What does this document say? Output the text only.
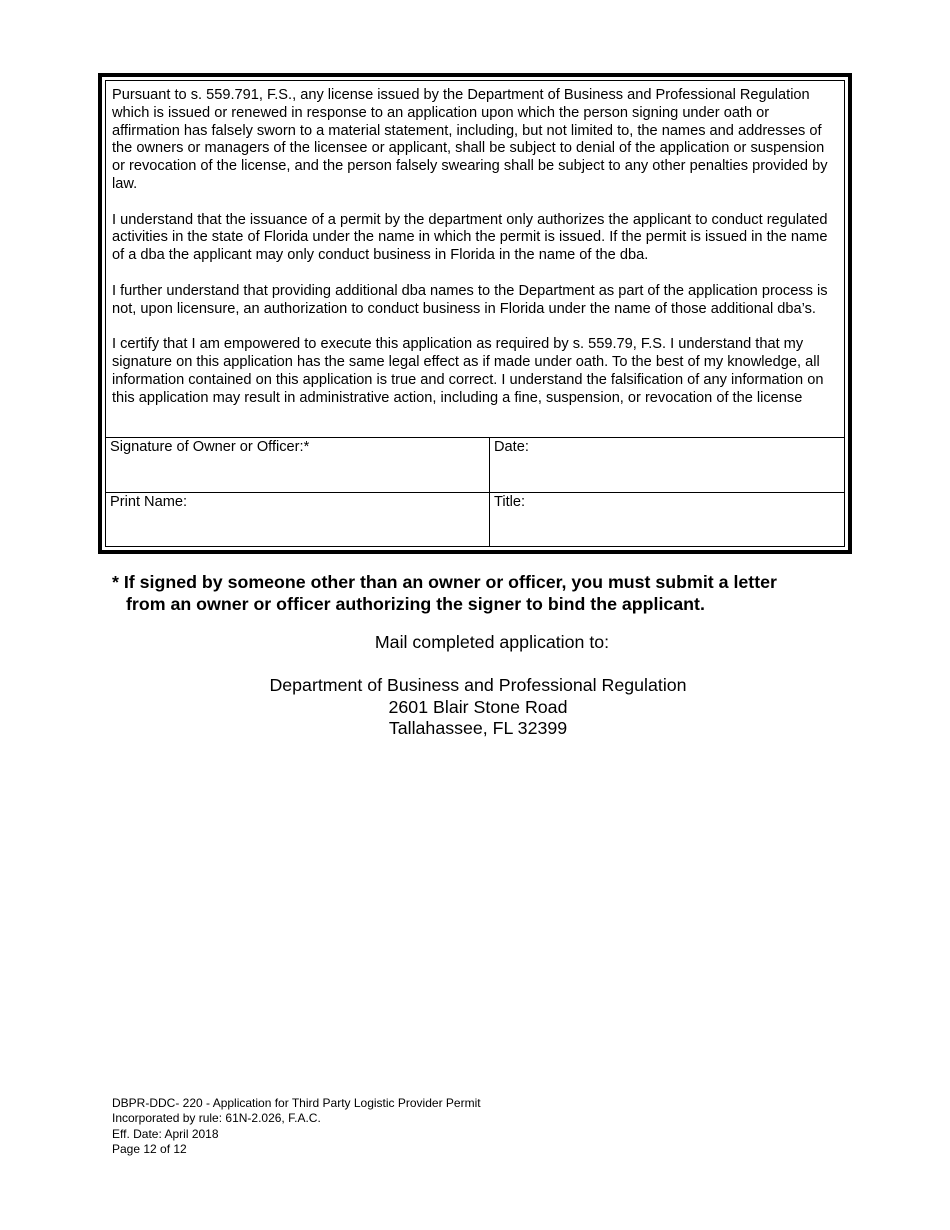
Pursuant to s. 559.791, F.S., any license issued by the Department of Business and Professional Regulation which is issued or renewed in response to an application upon which the person signing under oath or affirmation has falsely sworn to a material statement, including, but not limited to, the names and addresses of the owners or managers of the licensee or applicant, shall be subject to denial of the application or suspension or revocation of the license, and the person falsely swearing shall be subject to any other penalties provided by law.

I understand that the issuance of a permit by the department only authorizes the applicant to conduct regulated activities in the state of Florida under the name in which the permit is issued. If the permit is issued in the name of a dba the applicant may only conduct business in Florida in the name of the dba.

I further understand that providing additional dba names to the Department as part of the application process is not, upon licensure, an authorization to conduct business in Florida under the name of those additional dba’s.

I certify that I am empowered to execute this application as required by s. 559.79, F.S. I understand that my signature on this application has the same legal effect as if made under oath. To the best of my knowledge, all information contained on this application is true and correct. I understand the falsification of any information on this application may result in administrative action, including a fine, suspension, or revocation of the license

Signature of Owner or Officer:*	Date:
Print Name:	Title:
* If signed by someone other than an owner or officer, you must submit a letter
from an owner or officer authorizing the signer to bind the applicant.
Mail completed application to:
Department of Business and Professional Regulation
2601 Blair Stone Road
Tallahassee, FL 32399
DBPR-DDC- 220 - Application for Third Party Logistic Provider Permit
Incorporated by rule: 61N-2.026, F.A.C.
Eff. Date: April 2018
Page 12 of 12
